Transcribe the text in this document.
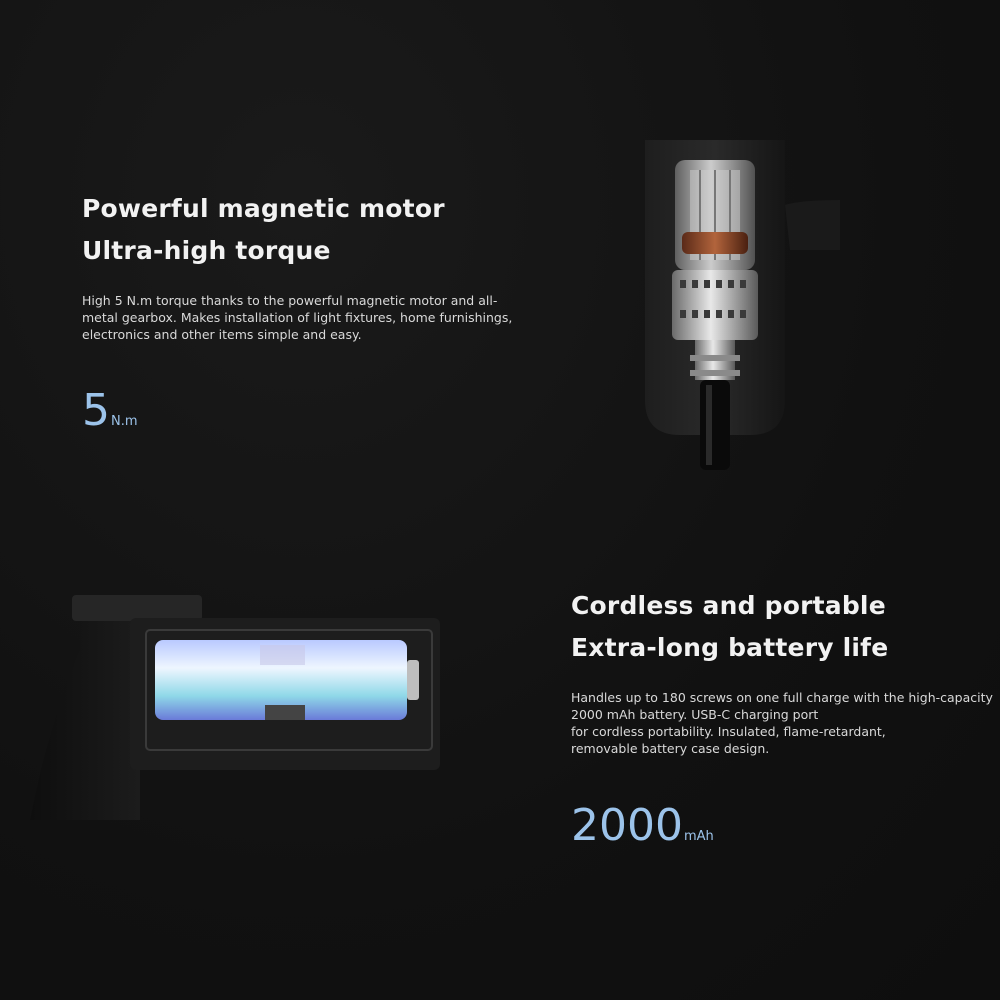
Powerful magnetic motor
Ultra-high torque
High 5 N.m torque thanks to the powerful magnetic motor and all-
metal gearbox. Makes installation of light fixtures, home furnishings,
electronics and other items simple and easy.
5N.m
Cordless and portable
Extra-long battery life
Handles up to 180 screws on one full charge with the high-capacity
2000 mAh battery. USB-C charging port
for cordless portability. Insulated, flame-retardant,
removable battery case design.
2000mAh
